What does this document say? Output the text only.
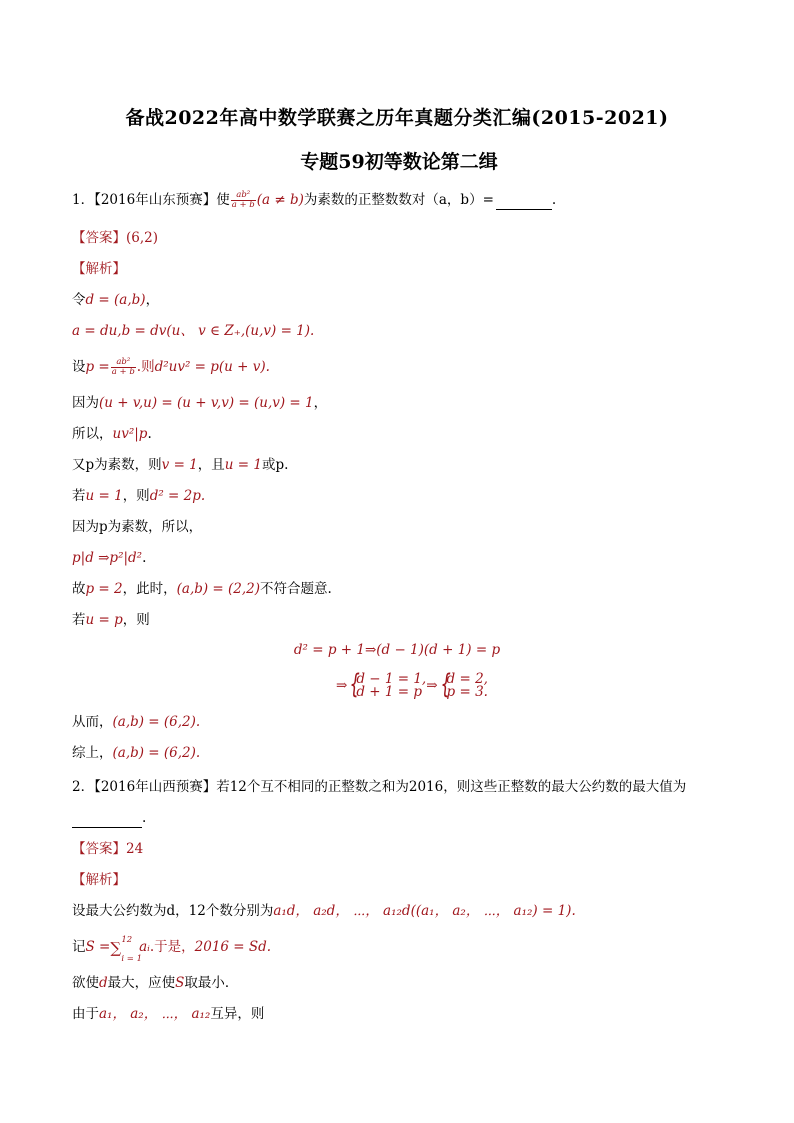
备战2022年高中数学联赛之历年真题分类汇编(2015-2021)
专题59初等数论第二缉
1．【2016年山东预赛】使 $\frac{\text{ab²}}{a + b} (a \ne b)$为素数的正整数数对（a，b）=	.
【答案】(6,2)
【解析】
令d = (a,b)，
a = du,b = dv(u、 v ∈ Z₊,(u,v) = 1).
设$p = \frac{\text{ab²}}{a + b}$ .则d²uv² = p(u + v).
因为(u + v,u) = (u + v,v) = (u,v) = 1，
所以，uv²|p.
又p为素数，则v = 1，且u = 1或p.
若u = 1，则d² = 2p.
因为p为素数，所以，
p|d ⇒p²|d².
故p = 2，此时，(a,b) = (2,2)不符合题意.
若u = p，则
d² = p + 1⇒(d − 1)(d + 1) = p
⇒ { d − 1 = 1,
d + 1 = p ⇒ { d = 2,
p = 3.
从而，(a,b) = (6,2).
综上，(a,b) = (6,2).
2．【2016年山西预赛】若12个互不相同的正整数之和为2016，则这些正整数的最大公约数的最大值为
.
【答案】24
【解析】
设最大公约数为d，12个数分别为a₁d， a₂d， ⋯， a₁₂d((a₁， a₂， ⋯， a₁₂) = 1).
记S =∑ 12
i = 1
aᵢ.于是，2016 = Sd.
欲使d最大，应使S取最小．
由于a₁， a₂， ⋯， a₁₂互异，则
